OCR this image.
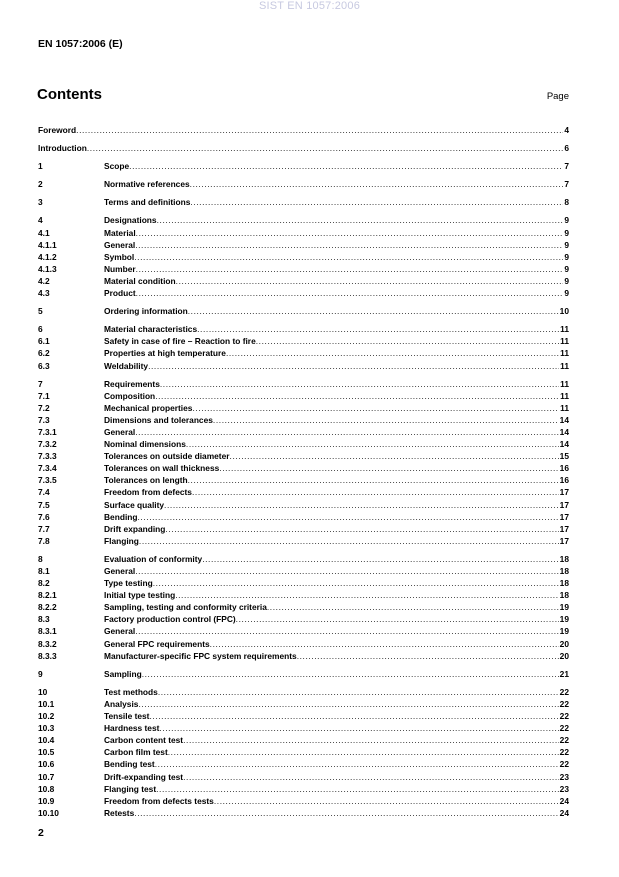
SIST EN 1057:2006
EN 1057:2006 (E)
Contents	Page
Foreword .....	4
Introduction .....	6
1	Scope .....	7
2	Normative references .....	7
3	Terms and definitions .....	8
4	Designations .....	9
4.1	Material .....	9
4.1.1	General .....	9
4.1.2	Symbol .....	9
4.1.3	Number .....	9
4.2	Material condition .....	9
4.3	Product .....	9
5	Ordering information .....	10
6	Material characteristics .....	11
6.1	Safety in case of fire – Reaction to fire .....	11
6.2	Properties at high temperature .....	11
6.3	Weldability .....	11
7	Requirements .....	11
7.1	Composition .....	11
7.2	Mechanical properties .....	11
7.3	Dimensions and tolerances .....	14
7.3.1	General .....	14
7.3.2	Nominal dimensions .....	14
7.3.3	Tolerances on outside diameter .....	15
7.3.4	Tolerances on wall thickness .....	16
7.3.5	Tolerances on length .....	16
7.4	Freedom from defects .....	17
7.5	Surface quality .....	17
7.6	Bending .....	17
7.7	Drift expanding .....	17
7.8	Flanging .....	17
8	Evaluation of conformity .....	18
8.1	General .....	18
8.2	Type testing .....	18
8.2.1	Initial type testing .....	18
8.2.2	Sampling, testing and conformity criteria .....	19
8.3	Factory production control (FPC) .....	19
8.3.1	General .....	19
8.3.2	General FPC requirements .....	20
8.3.3	Manufacturer-specific FPC system requirements .....	20
9	Sampling .....	21
10	Test methods .....	22
10.1	Analysis .....	22
10.2	Tensile test .....	22
10.3	Hardness test .....	22
10.4	Carbon content test .....	22
10.5	Carbon film test .....	22
10.6	Bending test .....	22
10.7	Drift-expanding test .....	23
10.8	Flanging test .....	23
10.9	Freedom from defects tests .....	24
10.10	Retests .....	24
2
